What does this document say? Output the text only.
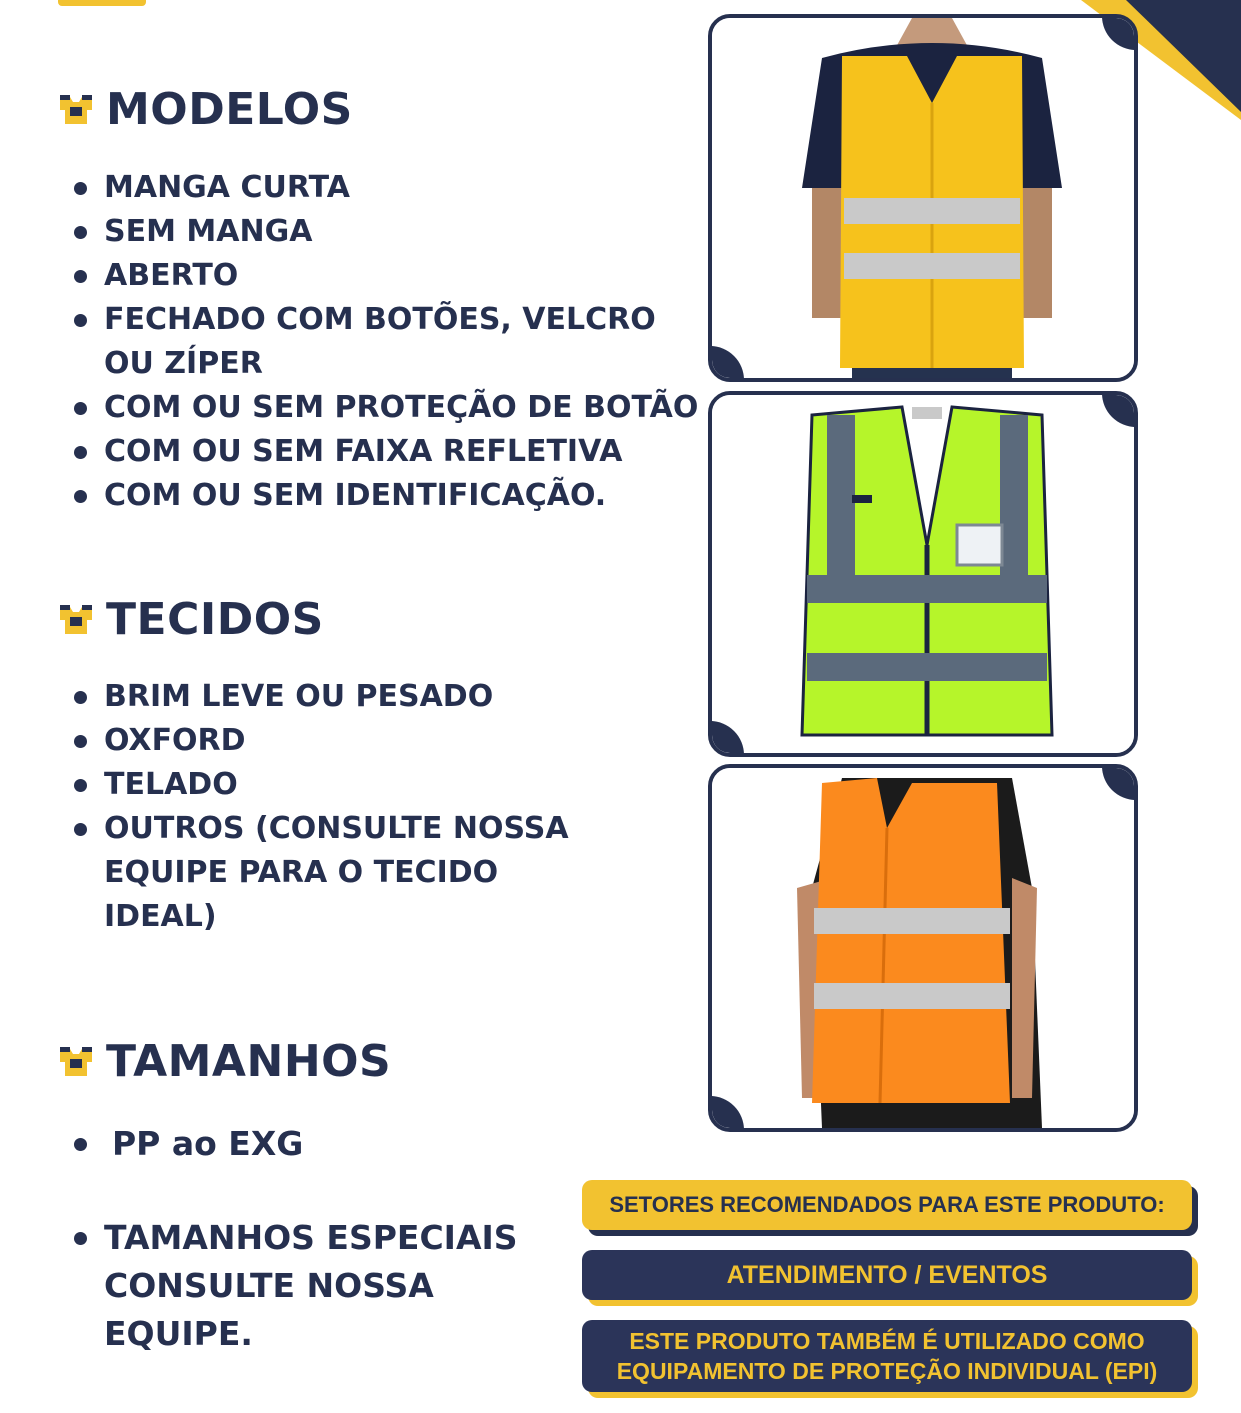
MODELOS
MANGA CURTA
SEM MANGA
ABERTO
FECHADO COM BOTÕES, VELCRO
OU ZÍPER
COM OU SEM PROTEÇÃO DE BOTÃO
COM OU SEM FAIXA REFLETIVA
COM OU SEM IDENTIFICAÇÃO.
TECIDOS
BRIM LEVE OU PESADO
OXFORD
TELADO
OUTROS (CONSULTE NOSSA
EQUIPE PARA O TECIDO
IDEAL)
TAMANHOS
PP ao EXG
TAMANHOS ESPECIAIS
CONSULTE NOSSA
EQUIPE.
SETORES RECOMENDADOS PARA ESTE PRODUTO:
ATENDIMENTO / EVENTOS
ESTE PRODUTO TAMBÉM É UTILIZADO COMO
EQUIPAMENTO DE PROTEÇÃO INDIVIDUAL (EPI)
